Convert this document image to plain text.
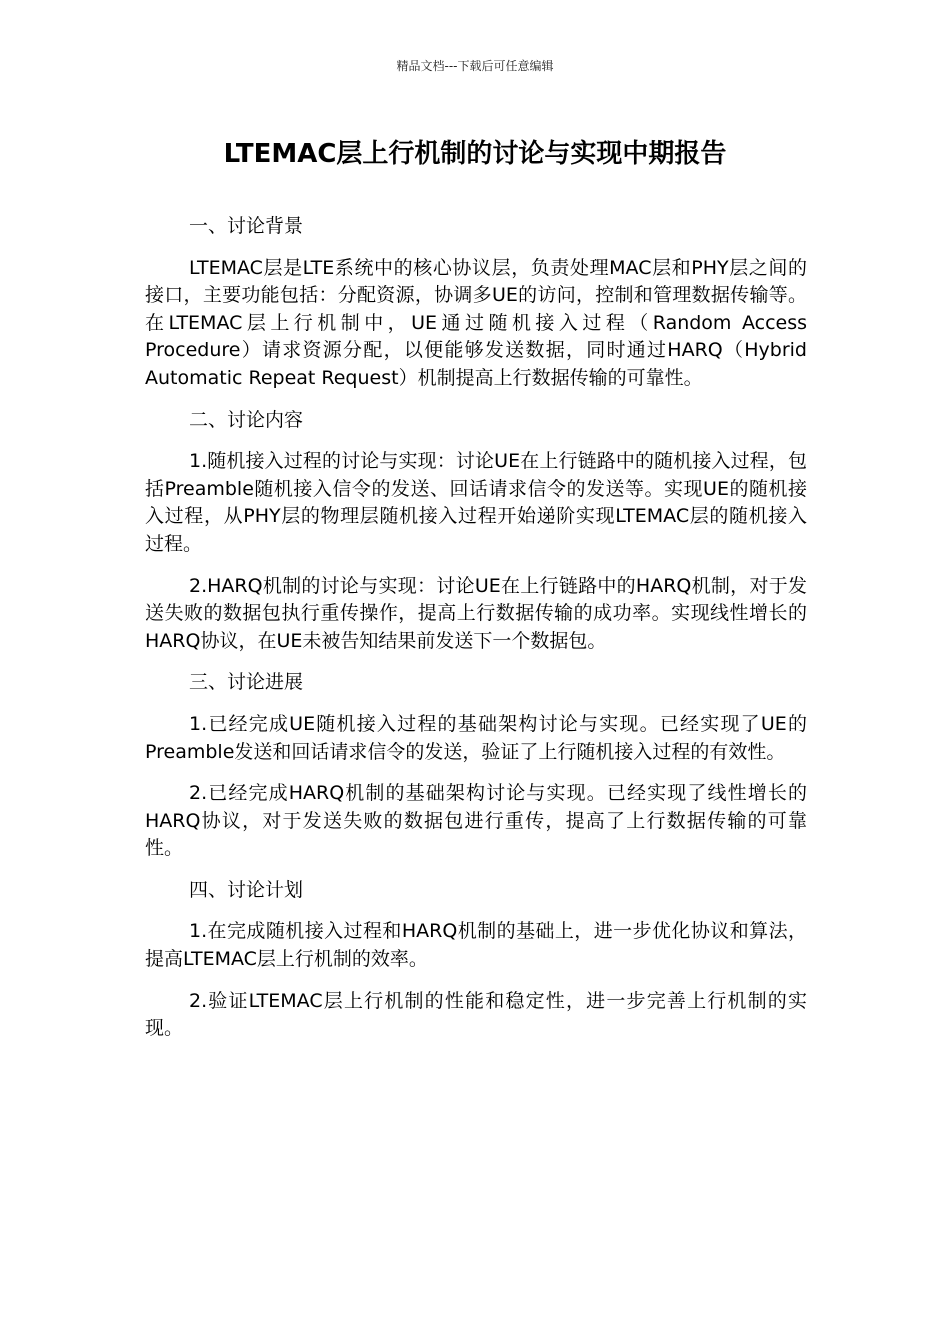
精品文档---下载后可任意编辑
LTEMAC层上行机制的讨论与实现中期报告
一、讨论背景
LTEMAC层是LTE系统中的核心协议层，负责处理MAC层和PHY层之间的接口，主要功能包括：分配资源，协调多UE的访问，控制和管理数据传输等。在LTEMAC层上行机制中，UE通过随机接入过程（Random Access Procedure）请求资源分配，以便能够发送数据，同时通过HARQ（Hybrid Automatic Repeat Request）机制提高上行数据传输的可靠性。
二、讨论内容
1.随机接入过程的讨论与实现：讨论UE在上行链路中的随机接入过程，包括Preamble随机接入信令的发送、回话请求信令的发送等。实现UE的随机接入过程，从PHY层的物理层随机接入过程开始递阶实现LTEMAC层的随机接入过程。
2.HARQ机制的讨论与实现：讨论UE在上行链路中的HARQ机制，对于发送失败的数据包执行重传操作，提高上行数据传输的成功率。实现线性增长的HARQ协议，在UE未被告知结果前发送下一个数据包。
三、讨论进展
1.已经完成UE随机接入过程的基础架构讨论与实现。已经实现了UE的Preamble发送和回话请求信令的发送，验证了上行随机接入过程的有效性。
2.已经完成HARQ机制的基础架构讨论与实现。已经实现了线性增长的HARQ协议，对于发送失败的数据包进行重传，提高了上行数据传输的可靠性。
四、讨论计划
1.在完成随机接入过程和HARQ机制的基础上，进一步优化协议和算法，提高LTEMAC层上行机制的效率。
2.验证LTEMAC层上行机制的性能和稳定性，进一步完善上行机制的实现。
